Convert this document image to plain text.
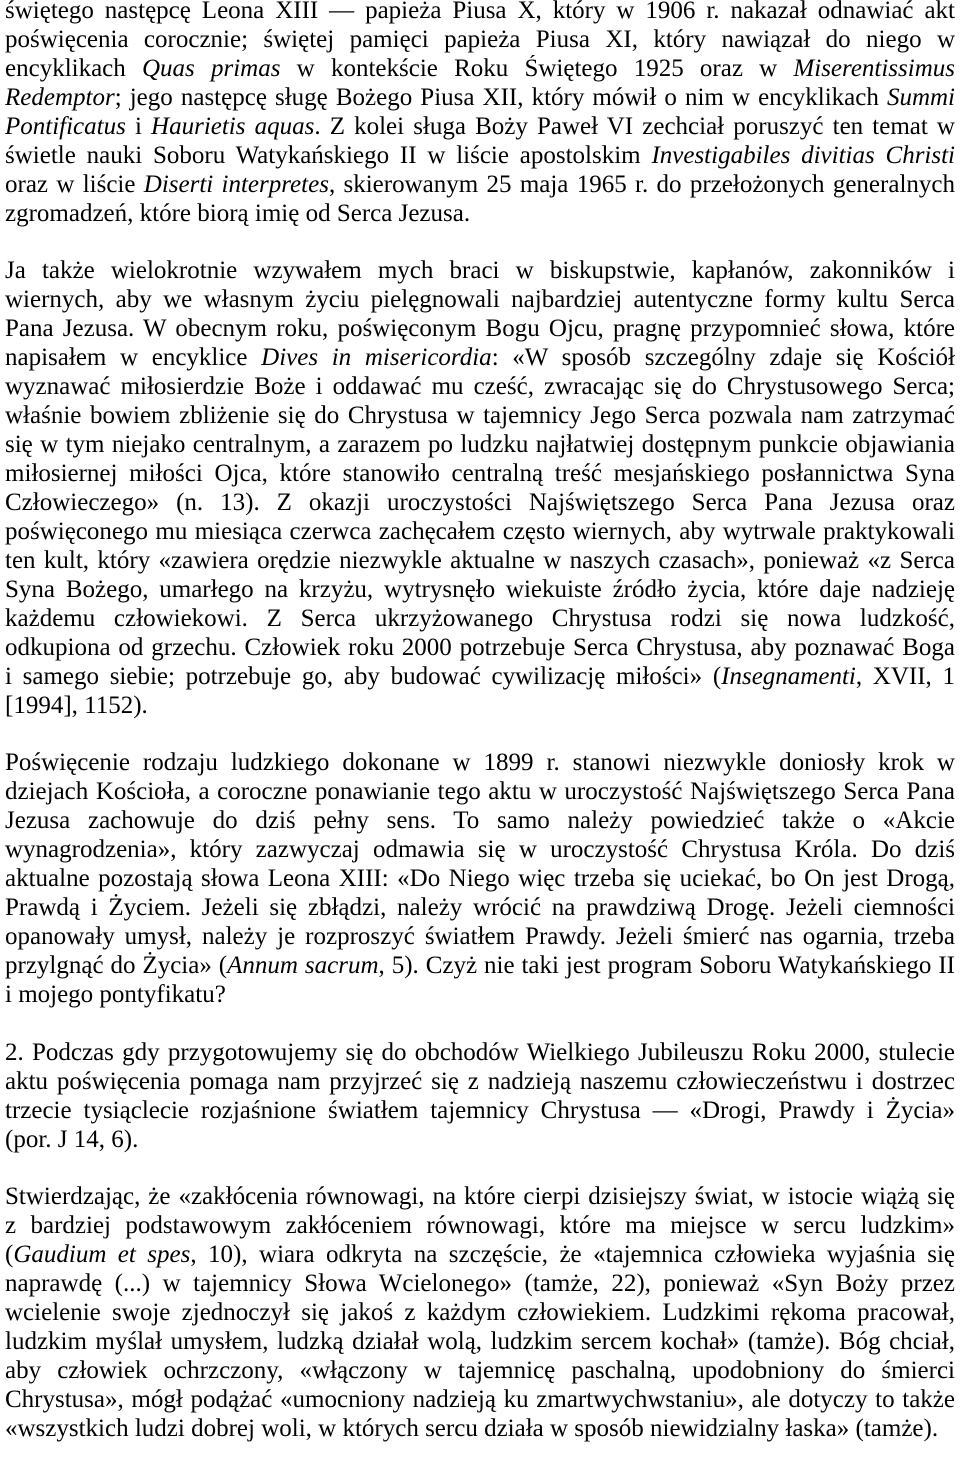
świętego następcę Leona XIII — papieża Piusa X, który w 1906 r. nakazał odnawiać akt
poświęcenia corocznie; świętej pamięci papieża Piusa XI, który nawiązał do niego w
encyklikach Quas primas w kontekście Roku Świętego 1925 oraz w Miserentissimus
Redemptor; jego następcę sługę Bożego Piusa XII, który mówił o nim w encyklikach Summi
Pontificatus i Haurietis aquas. Z kolei sługa Boży Paweł VI zechciał poruszyć ten temat w
świetle nauki Soboru Watykańskiego II w liście apostolskim Investigabiles divitias Christi
oraz w liście Diserti interpretes, skierowanym 25 maja 1965 r. do przełożonych generalnych
zgromadzeń, które biorą imię od Serca Jezusa.
Ja także wielokrotnie wzywałem mych braci w biskupstwie, kapłanów, zakonników i
wiernych, aby we własnym życiu pielęgnowali najbardziej autentyczne formy kultu Serca
Pana Jezusa. W obecnym roku, poświęconym Bogu Ojcu, pragnę przypomnieć słowa, które
napisałem w encyklice Dives in misericordia: «W sposób szczególny zdaje się Kościół
wyznawać miłosierdzie Boże i oddawać mu cześć, zwracając się do Chrystusowego Serca;
właśnie bowiem zbliżenie się do Chrystusa w tajemnicy Jego Serca pozwala nam zatrzymać
się w tym niejako centralnym, a zarazem po ludzku najłatwiej dostępnym punkcie objawiania
miłosiernej miłości Ojca, które stanowiło centralną treść mesjańskiego posłannictwa Syna
Człowieczego» (n. 13). Z okazji uroczystości Najświętszego Serca Pana Jezusa oraz
poświęconego mu miesiąca czerwca zachęcałem często wiernych, aby wytrwale praktykowali
ten kult, który «zawiera orędzie niezwykle aktualne w naszych czasach», ponieważ «z Serca
Syna Bożego, umarłego na krzyżu, wytrysnęło wiekuiste źródło życia, które daje nadzieję
każdemu człowiekowi. Z Serca ukrzyżowanego Chrystusa rodzi się nowa ludzkość,
odkupiona od grzechu. Człowiek roku 2000 potrzebuje Serca Chrystusa, aby poznawać Boga
i samego siebie; potrzebuje go, aby budować cywilizację miłości» (Insegnamenti, XVII, 1
[1994], 1152).
Poświęcenie rodzaju ludzkiego dokonane w 1899 r. stanowi niezwykle doniosły krok w
dziejach Kościoła, a coroczne ponawianie tego aktu w uroczystość Najświętszego Serca Pana
Jezusa zachowuje do dziś pełny sens. To samo należy powiedzieć także o «Akcie
wynagrodzenia», który zazwyczaj odmawia się w uroczystość Chrystusa Króla. Do dziś
aktualne pozostają słowa Leona XIII: «Do Niego więc trzeba się uciekać, bo On jest Drogą,
Prawdą i Życiem. Jeżeli się zbłądzi, należy wrócić na prawdziwą Drogę. Jeżeli ciemności
opanowały umysł, należy je rozproszyć światłem Prawdy. Jeżeli śmierć nas ogarnia, trzeba
przylgnąć do Życia» (Annum sacrum, 5). Czyż nie taki jest program Soboru Watykańskiego II
i mojego pontyfikatu?
2. Podczas gdy przygotowujemy się do obchodów Wielkiego Jubileuszu Roku 2000, stulecie
aktu poświęcenia pomaga nam przyjrzeć się z nadzieją naszemu człowieczeństwu i dostrzec
trzecie tysiąclecie rozjaśnione światłem tajemnicy Chrystusa — «Drogi, Prawdy i Życia»
(por. J 14, 6).
Stwierdzając, że «zakłócenia równowagi, na które cierpi dzisiejszy świat, w istocie wiążą się
z bardziej podstawowym zakłóceniem równowagi, które ma miejsce w sercu ludzkim»
(Gaudium et spes, 10), wiara odkryta na szczęście, że «tajemnica człowieka wyjaśnia się
naprawdę (...) w tajemnicy Słowa Wcielonego» (tamże, 22), ponieważ «Syn Boży przez
wcielenie swoje zjednoczył się jakoś z każdym człowiekiem. Ludzkimi rękoma pracował,
ludzkim myślał umysłem, ludzką działał wolą, ludzkim sercem kochał» (tamże). Bóg chciał,
aby człowiek ochrzczony, «włączony w tajemnicę paschalną, upodobniony do śmierci
Chrystusa», mógł podążać «umocniony nadzieją ku zmartwychwstaniu», ale dotyczy to także
«wszystkich ludzi dobrej woli, w których sercu działa w sposób niewidzialny łaska» (tamże).
